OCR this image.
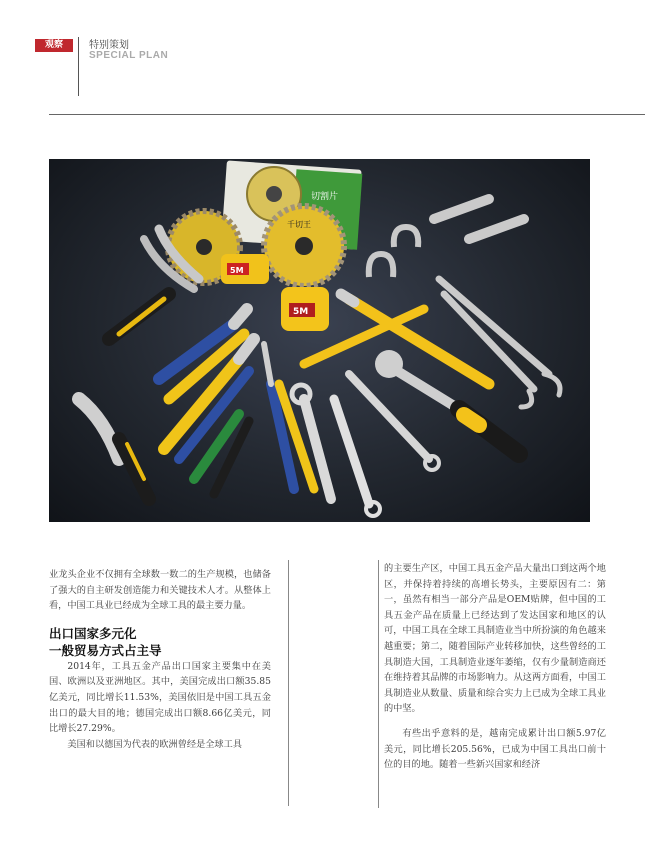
观察	特别策划
SPECIAL PLAN
切割片
千切王
5M
5M

业龙头企业不仅拥有全球数一数二的生产规模，也储备了强大的自主研发创造能力和关键技术人才。从整体上看，中国工具业已经成为全球工具的最主要力量。

出口国家多元化
一般贸易方式占主导

2014年，工具五金产品出口国家主要集中在美国、欧洲以及亚洲地区。其中，美国完成出口额35.85亿美元，同比增长11.53%，美国依旧是中国工具五金出口的最大目的地；德国完成出口额8.66亿美元，同比增长27.29%。

美国和以德国为代表的欧洲曾经是全球工具

的主要生产区，中国工具五金产品大量出口到这两个地区，并保持着持续的高增长势头，主要原因有二：第一，虽然有相当一部分产品是OEM贴牌，但中国的工具五金产品在质量上已经达到了发达国家和地区的认可，中国工具在全球工具制造业当中所扮演的角色越来越重要；第二，随着国际产业转移加快，这些曾经的工具制造大国，工具制造业逐年萎缩，仅有少量制造商还在维持着其品牌的市场影响力。从这两方面看，中国工具制造业从数量、质量和综合实力上已成为全球工具业的中坚。

有些出乎意料的是，越南完成累计出口额5.97亿美元，同比增长205.56%，已成为中国工具出口前十位的目的地。随着一些新兴国家和经济
